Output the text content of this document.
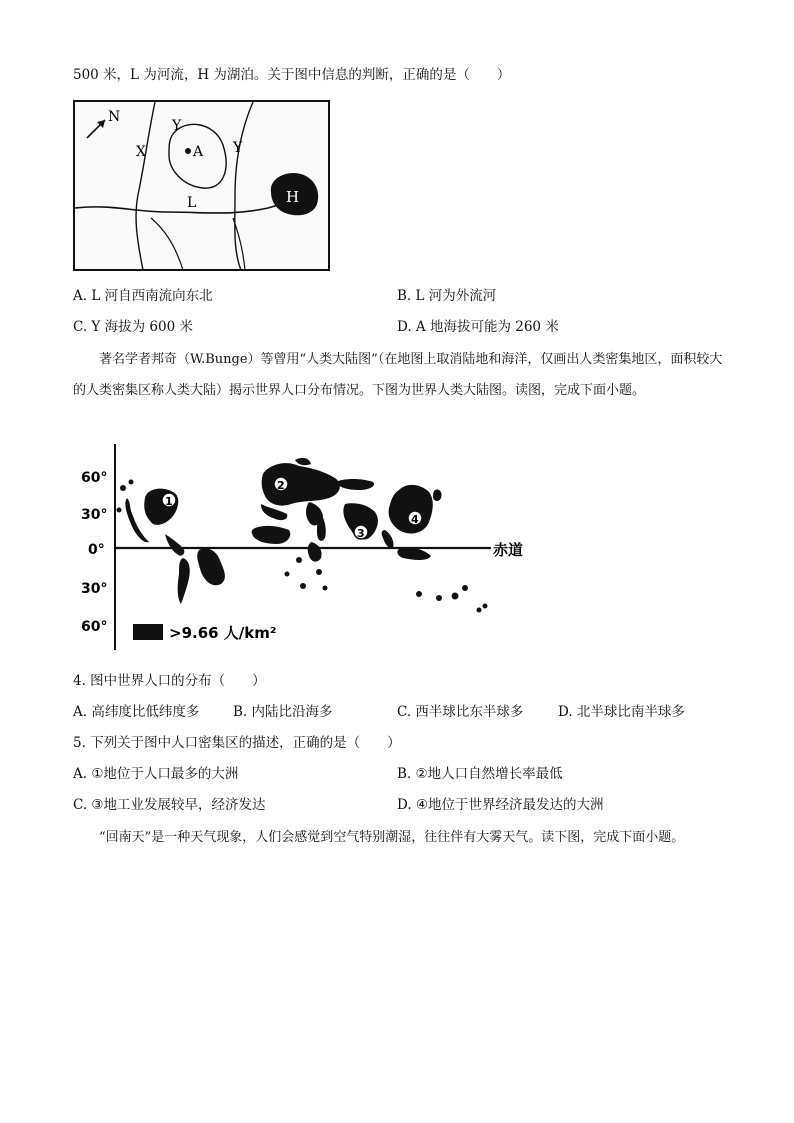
500 米，L 为河流，H 为湖泊。关于图中信息的判断，正确的是（　　）
N
H
A
Y
X	Y
L
A. L 河自西南流向东北	B. L 河为外流河
C. Y 海拔为 600 米	D. A 地海拔可能为 260 米
著名学者邦奇（W.Bunge）等曾用“人类大陆图”（在地图上取消陆地和海洋，仅画出人类密集地区，面积较大的人类密集区称人类大陆）揭示世界人口分布情况。下图为世界人类大陆图。读图，完成下面小题。
60°
30°
0°
30°
60°
赤道
1
2
3
4
>9.66 人/km²
4. 图中世界人口的分布（　　）
A. 高纬度比低纬度多 B. 内陆比沿海多	C. 西半球比东半球多	D. 北半球比南半球多
5. 下列关于图中人口密集区的描述，正确的是（　　）
A. ①地位于人口最多的大洲	B. ②地人口自然增长率最低
C. ③地工业发展较早，经济发达	D. ④地位于世界经济最发达的大洲
“回南天”是一种天气现象，人们会感觉到空气特别潮湿，往往伴有大雾天气。读下图，完成下面小题。
